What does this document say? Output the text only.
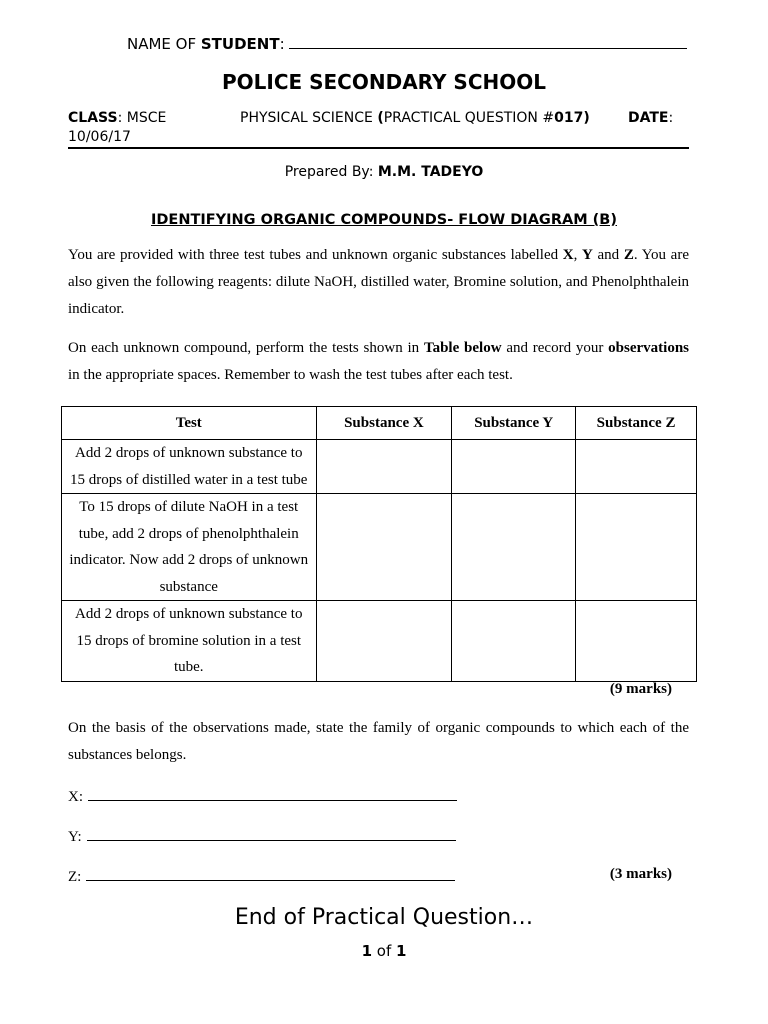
NAME OF STUDENT:
POLICE SECONDARY SCHOOL
CLASS: MSCE	PHYSICAL SCIENCE (PRACTICAL QUESTION #017)	DATE:
10/06/17
Prepared By: M.M. TADEYO
IDENTIFYING ORGANIC COMPOUNDS- FLOW DIAGRAM (B)
You are provided with three test tubes and unknown organic substances labelled X, Y and Z. You are also given the following reagents: dilute NaOH, distilled water, Bromine solution, and Phenolphthalein indicator.
On each unknown compound, perform the tests shown in Table below and record your observations in the appropriate spaces. Remember to wash the test tubes after each test.
Test	Substance X	Substance Y	Substance Z
Add 2 drops of unknown substance to 15 drops of distilled water in a test tube			
To 15 drops of dilute NaOH in a test tube, add 2 drops of phenolphthalein indicator. Now add 2 drops of unknown substance			
Add 2 drops of unknown substance to 15 drops of bromine solution in a test tube.			
(9 marks)
On the basis of the observations made, state the family of organic compounds to which each of the substances belongs.
X:
Y:
Z:	(3 marks)
End of Practical Question…
1 of 1
